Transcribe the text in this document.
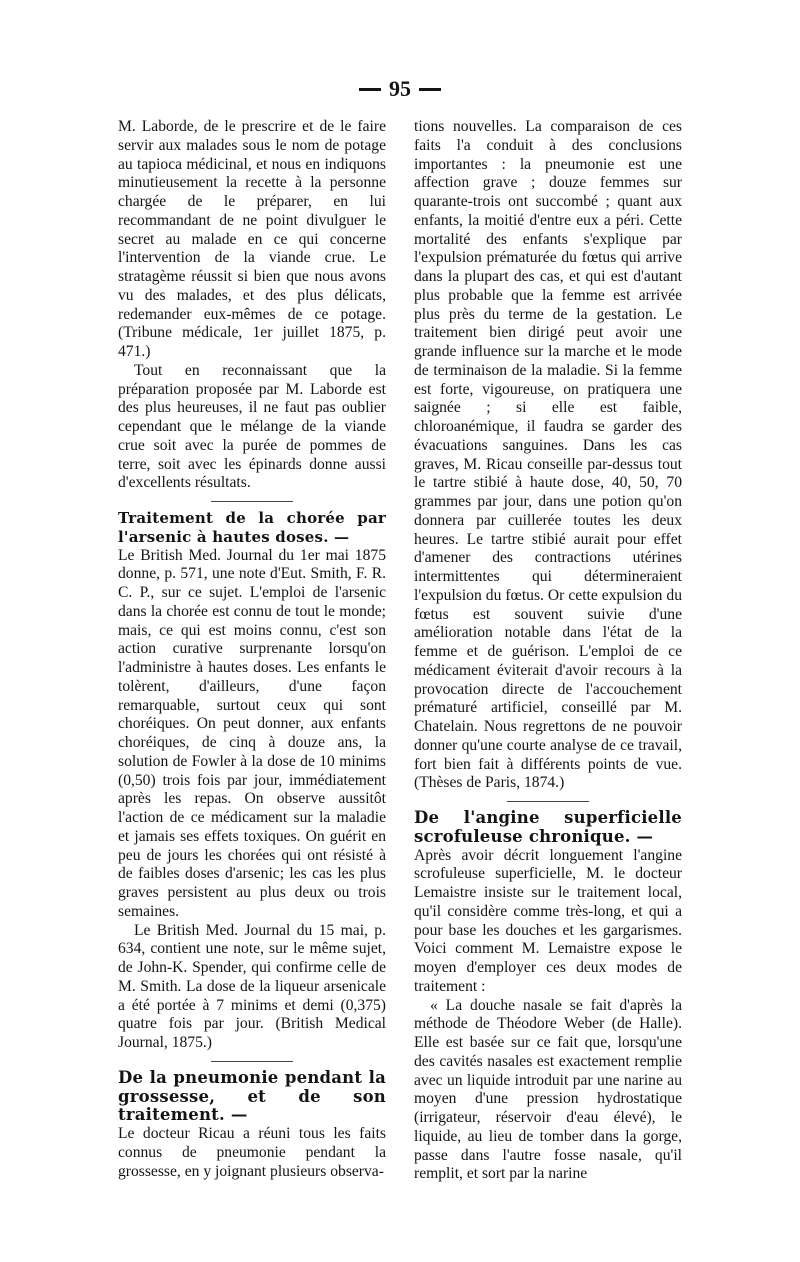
95

M. Laborde, de le prescrire et de le faire servir aux malades sous le nom de potage au tapioca médicinal, et nous en indiquons minutieusement la recette à la personne chargée de le préparer, en lui recommandant de ne point divulguer le secret au malade en ce qui concerne l'intervention de la viande crue. Le stratagème réussit si bien que nous avons vu des malades, et des plus délicats, redemander eux-mêmes de ce potage. (Tribune médicale, 1er juillet 1875, p. 471.)

Tout en reconnaissant que la préparation proposée par M. Laborde est des plus heureuses, il ne faut pas oublier cependant que le mélange de la viande crue soit avec la purée de pommes de terre, soit avec les épinards donne aussi d'excellents résultats.

Traitement de la chorée par l'arsenic à hautes doses. —

Le British Med. Journal du 1er mai 1875 donne, p. 571, une note d'Eut. Smith, F. R. C. P., sur ce sujet. L'emploi de l'arsenic dans la chorée est connu de tout le monde; mais, ce qui est moins connu, c'est son action curative surprenante lorsqu'on l'administre à hautes doses. Les enfants le tolèrent, d'ailleurs, d'une façon remarquable, surtout ceux qui sont choréiques. On peut donner, aux enfants choréiques, de cinq à douze ans, la solution de Fowler à la dose de 10 minims (0,50) trois fois par jour, immédiatement après les repas. On observe aussitôt l'action de ce médicament sur la maladie et jamais ses effets toxiques. On guérit en peu de jours les chorées qui ont résisté à de faibles doses d'arsenic; les cas les plus graves persistent au plus deux ou trois semaines.

Le British Med. Journal du 15 mai, p. 634, contient une note, sur le même sujet, de John-K. Spender, qui confirme celle de M. Smith. La dose de la liqueur arsenicale a été portée à 7 minims et demi (0,375) quatre fois par jour. (British Medical Journal, 1875.)

De la pneumonie pendant la grossesse, et de son traitement. —

Le docteur Ricau a réuni tous les faits connus de pneumonie pendant la grossesse, en y joignant plusieurs observa-

tions nouvelles. La comparaison de ces faits l'a conduit à des conclusions importantes : la pneumonie est une affection grave ; douze femmes sur quarante-trois ont succombé ; quant aux enfants, la moitié d'entre eux a péri. Cette mortalité des enfants s'explique par l'expulsion prématurée du fœtus qui arrive dans la plupart des cas, et qui est d'autant plus probable que la femme est arrivée plus près du terme de la gestation. Le traitement bien dirigé peut avoir une grande influence sur la marche et le mode de terminaison de la maladie. Si la femme est forte, vigoureuse, on pratiquera une saignée ; si elle est faible, chloroanémique, il faudra se garder des évacuations sanguines. Dans les cas graves, M. Ricau conseille par-dessus tout le tartre stibié à haute dose, 40, 50, 70 grammes par jour, dans une potion qu'on donnera par cuillerée toutes les deux heures. Le tartre stibié aurait pour effet d'amener des contractions utérines intermittentes qui détermineraient l'expulsion du fœtus. Or cette expulsion du fœtus est souvent suivie d'une amélioration notable dans l'état de la femme et de guérison. L'emploi de ce médicament éviterait d'avoir recours à la provocation directe de l'accouchement prématuré artificiel, conseillé par M. Chatelain. Nous regrettons de ne pouvoir donner qu'une courte analyse de ce travail, fort bien fait à différents points de vue. (Thèses de Paris, 1874.)

De l'angine superficielle scrofuleuse chronique. —

Après avoir décrit longuement l'angine scrofuleuse superficielle, M. le docteur Lemaistre insiste sur le traitement local, qu'il considère comme très-long, et qui a pour base les douches et les gargarismes. Voici comment M. Lemaistre expose le moyen d'employer ces deux modes de traitement :

« La douche nasale se fait d'après la méthode de Théodore Weber (de Halle). Elle est basée sur ce fait que, lorsqu'une des cavités nasales est exactement remplie avec un liquide introduit par une narine au moyen d'une pression hydrostatique (irrigateur, réservoir d'eau élevé), le liquide, au lieu de tomber dans la gorge, passe dans l'autre fosse nasale, qu'il remplit, et sort par la narine
